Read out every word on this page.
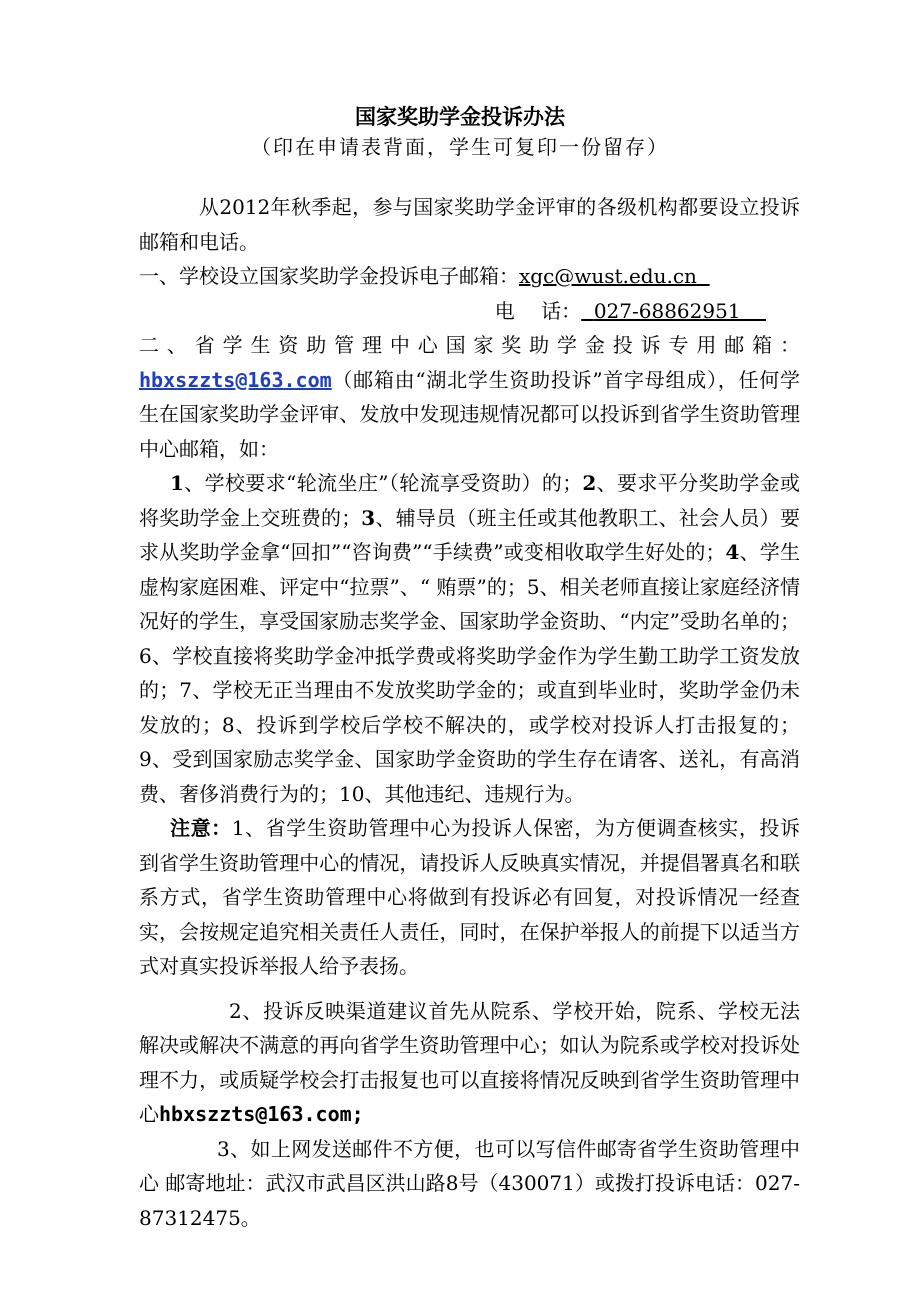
国家奖助学金投诉办法
（印在申请表背面，学生可复印一份留存）

从2012年秋季起，参与国家奖助学金评审的各级机构都要设立投诉邮箱和电话。

一、学校设立国家奖助学金投诉电子邮箱：xgc@wust.edu.cn

电　 话： 027-68862951

二、省学生资助管理中心国家奖助学金投诉专用邮箱：

hbxszzts@163.com（邮箱由“湖北学生资助投诉”首字母组成），任何学生在国家奖助学金评审、发放中发现违规情况都可以投诉到省学生资助管理中心邮箱，如：

1、学校要求“轮流坐庄”（轮流享受资助）的；2、要求平分奖助学金或将奖助学金上交班费的；3、辅导员（班主任或其他教职工、社会人员）要求从奖助学金拿“回扣”“咨询费”“手续费”或变相收取学生好处的；4、学生虚构家庭困难、评定中“拉票”、“ 贿票”的；5、相关老师直接让家庭经济情况好的学生，享受国家励志奖学金、国家助学金资助、“内定”受助名单的；6、学校直接将奖助学金冲抵学费或将奖助学金作为学生勤工助学工资发放的；7、学校无正当理由不发放奖助学金的；或直到毕业时，奖助学金仍未发放的；8、投诉到学校后学校不解决的，或学校对投诉人打击报复的；9、受到国家励志奖学金、国家助学金资助的学生存在请客、送礼，有高消费、奢侈消费行为的；10、其他违纪、违规行为。

注意：1、省学生资助管理中心为投诉人保密，为方便调查核实，投诉到省学生资助管理中心的情况，请投诉人反映真实情况，并提倡署真名和联系方式，省学生资助管理中心将做到有投诉必有回复，对投诉情况一经查实，会按规定追究相关责任人责任，同时，在保护举报人的前提下以适当方式对真实投诉举报人给予表扬。

2、投诉反映渠道建议首先从院系、学校开始，院系、学校无法解决或解决不满意的再向省学生资助管理中心；如认为院系或学校对投诉处理不力，或质疑学校会打击报复也可以直接将情况反映到省学生资助管理中心hbxszzts@163.com;

3、如上网发送邮件不方便，也可以写信件邮寄省学生资助管理中心 邮寄地址：武汉市武昌区洪山路8号（430071）或拨打投诉电话：027-87312475。
